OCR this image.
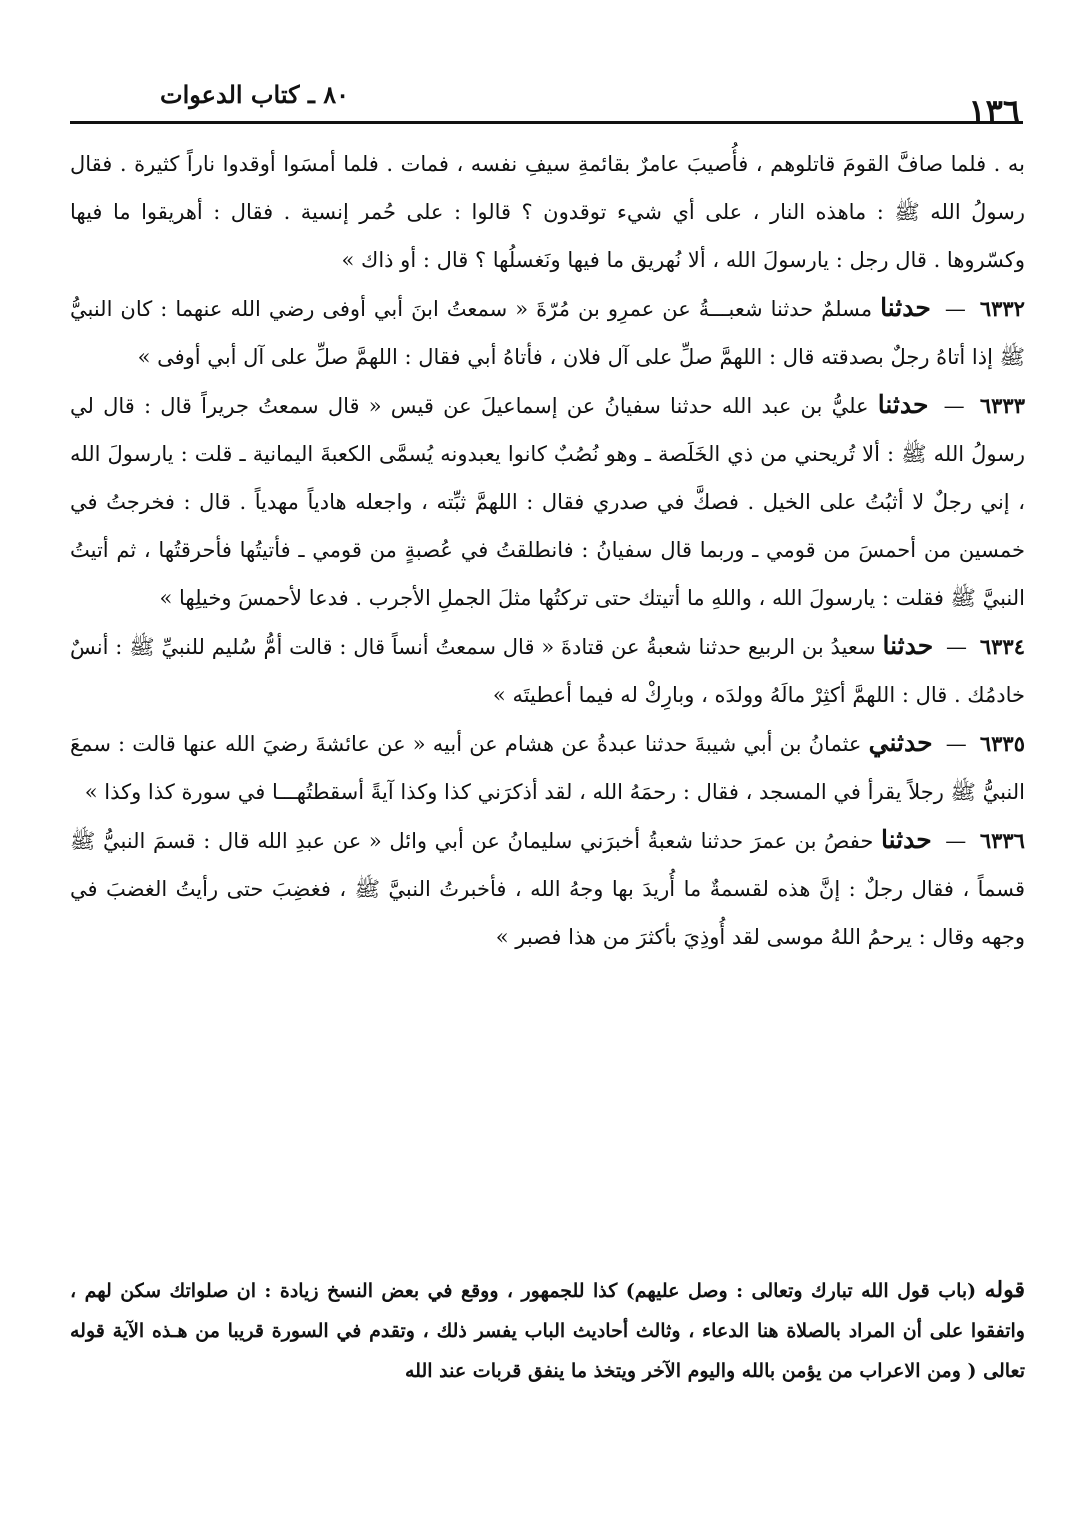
١٣٦
٨٠ ـ كتاب الدعوات

به . فلما صافَّ القومَ قاتلوهم ، فأُصيبَ عامرٌ بقائمةِ سيفِ نفسه ، فمات . فلما أمسَوا أوقدوا ناراً كثيرة . فقال رسولُ الله ﷺ : ماهذه النار ، على أي شيء توقدون ؟ قالوا : على حُمر إنسية . فقال : أهريقوا ما فيها وكسّروها . قال رجل : يارسولَ الله ، ألا نُهريق ما فيها ونَغسلُها ؟ قال : أو ذاك »

٦٣٣٢ — حدثنا مسلمٌ حدثنا شعبـــةُ عن عمرِو بن مُرّةَ « سمعتُ ابنَ أبي أوفى رضي الله عنهما : كان النبيُّ ﷺ إذا أتاهُ رجلٌ بصدقته قال : اللهمَّ صلِّ على آل فلان ، فأتاهُ أبي فقال : اللهمَّ صلِّ على آل أبي أوفى »

٦٣٣٣ — حدثنا عليُّ بن عبد الله حدثنا سفيانُ عن إسماعيلَ عن قيس « قال سمعتُ جريراً قال : قال لي رسولُ الله ﷺ : ألا تُريحني من ذي الخَلَصة ـ وهو نُصُبٌ كانوا يعبدونه يُسمَّى الكعبةَ اليمانية ـ قلت : يارسولَ الله ، إني رجلٌ لا أثبُتُ على الخيل . فصكَّ في صدري فقال : اللهمَّ ثبِّته ، واجعله هادياً مهدياً . قال : فخرجتُ في خمسين من أحمسَ من قومي ـ وربما قال سفيانُ : فانطلقتُ في عُصبةٍ من قومي ـ فأتيتُها فأحرقتُها ، ثم أتيتُ النبيَّ ﷺ فقلت : يارسولَ الله ، واللهِ ما أتيتك حتى تركتُها مثلَ الجملِ الأجرب . فدعا لأحمسَ وخيلِها »

٦٣٣٤ — حدثنا سعيدُ بن الربيع حدثنا شعبةُ عن قتادةَ « قال سمعتُ أنساً قال : قالت أمُّ سُليم للنبيِّ ﷺ : أنسٌ خادمُك . قال : اللهمَّ أكثِرْ مالَهُ وولدَه ، وبارِكْ له فيما أعطيتَه »

٦٣٣٥ — حدثني عثمانُ بن أبي شيبةَ حدثنا عبدةُ عن هشام عن أبيه « عن عائشةَ رضيَ الله عنها قالت : سمعَ النبيُّ ﷺ رجلاً يقرأ في المسجد ، فقال : رحمَهُ الله ، لقد أذكرَني كذا وكذا آيةً أسقطتُهـــا في سورة كذا وكذا »

٦٣٣٦ — حدثنا حفصُ بن عمرَ حدثنا شعبةُ أخبرَني سليمانُ عن أبي وائل « عن عبدِ الله قال : قسمَ النبيُّ ﷺ قسماً ، فقال رجلٌ : إنَّ هذه لقسمةٌ ما أُريدَ بها وجهُ الله ، فأخبرتُ النبيَّ ﷺ ، فغضِبَ حتى رأيتُ الغضبَ في وجهه وقال : يرحمُ اللهُ موسى لقد أُوذِيَ بأكثرَ من هذا فصبر »

قوله (باب قول الله تبارك وتعالى : وصل عليهم) كذا للجمهور ، ووقع في بعض النسخ زيادة : ان صلواتك سكن لهم ، واتفقوا على أن المراد بالصلاة هنا الدعاء ، وثالث أحاديث الباب يفسر ذلك ، وتقدم في السورة قريبا من هـذه الآية قوله تعالى ( ومن الاعراب من يؤمن بالله واليوم الآخر ويتخذ ما ينفق قربات عند الله
